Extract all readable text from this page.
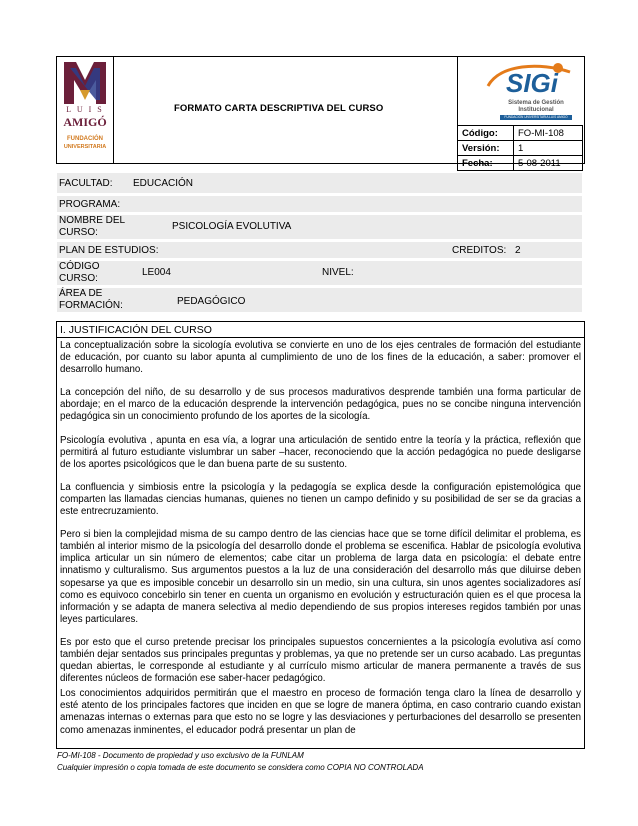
L U I S
AMIGÓ
FUNDACIÓN
UNIVERSITARIA
FORMATO CARTA DESCRIPTIVA DEL CURSO
SIGi
Sistema de Gestión
Institucional
FUNDACIÓN UNIVERSITARIA LUIS AMIGÓ
Código:	FO-MI-108
Versión:	1
Fecha:	5-08-2011
FACULTAD: EDUCACIÓN
PROGRAMA:
NOMBRE DEL
CURSO:
PSICOLOGÍA EVOLUTIVA
PLAN DE ESTUDIOS:	CREDITOS: 2
CÓDIGO
CURSO:
LE004	NIVEL:
ÁREA DE
FORMACIÓN:	PEDAGÓGICO
I. JUSTIFICACIÓN DEL CURSO

La conceptualización sobre la sicología evolutiva se convierte en uno de los ejes centrales de formación del estudiante de educación, por cuanto su labor apunta al cumplimiento de uno de los fines de la educación, a saber: promover el desarrollo humano.

La concepción del niño, de su desarrollo y de sus procesos madurativos desprende también una forma particular de abordaje; en el marco de la educación desprende la intervención pedagógica, pues no se concibe ninguna intervención pedagógica sin un conocimiento profundo de los aportes de la sicología.

Psicología evolutiva , apunta en esa vía, a lograr una articulación de sentido entre la teoría y la práctica, reflexión que permitirá al futuro estudiante vislumbrar un saber –hacer, reconociendo que la acción pedagógica no puede desligarse de los aportes psicológicos que le dan buena parte de su sustento.

La confluencia y simbiosis entre la psicología y la pedagogía se explica desde la configuración epistemológica que comparten las llamadas ciencias humanas, quienes no tienen un campo definido y su posibilidad de ser se da gracias a este entrecruzamiento.

Pero si bien la complejidad misma de su campo dentro de las ciencias hace que se torne difícil delimitar el problema, es también al interior mismo de la psicología del desarrollo donde el problema se escenifica. Hablar de psicología evolutiva implica articular un sin número de elementos; cabe citar un problema de larga data en psicología: el debate entre innatismo y culturalismo. Sus argumentos puestos a la luz de una consideración del desarrollo más que diluirse deben sopesarse ya que es imposible concebir un desarrollo sin un medio, sin una cultura, sin unos agentes socializadores así como es equivoco concebirlo sin tener en cuenta un organismo en evolución y estructuración quien es el que procesa la información y se adapta de manera selectiva al medio dependiendo de sus propios intereses regidos también por unas leyes particulares.

Es por esto que el curso pretende precisar los principales supuestos concernientes a la psicología evolutiva así como también dejar sentados sus principales preguntas y problemas, ya que no pretende ser un curso acabado. Las preguntas quedan abiertas, le corresponde al estudiante y al currículo mismo articular de manera permanente a través de sus diferentes núcleos de formación ese saber-hacer pedagógico.

Los conocimientos adquiridos permitirán que el maestro en proceso de formación tenga claro la línea de desarrollo y esté atento de los principales factores que inciden en que se logre de manera óptima, en caso contrario cuando existan amenazas internas o externas para que esto no se logre y las desviaciones y perturbaciones del desarrollo se presenten como amenazas inminentes, el educador podrá presentar un plan de

FO-MI-108 - Documento de propiedad y uso exclusivo de la FUNLAM
Cualquier impresión o copia tomada de este documento se considera como COPIA NO CONTROLADA
